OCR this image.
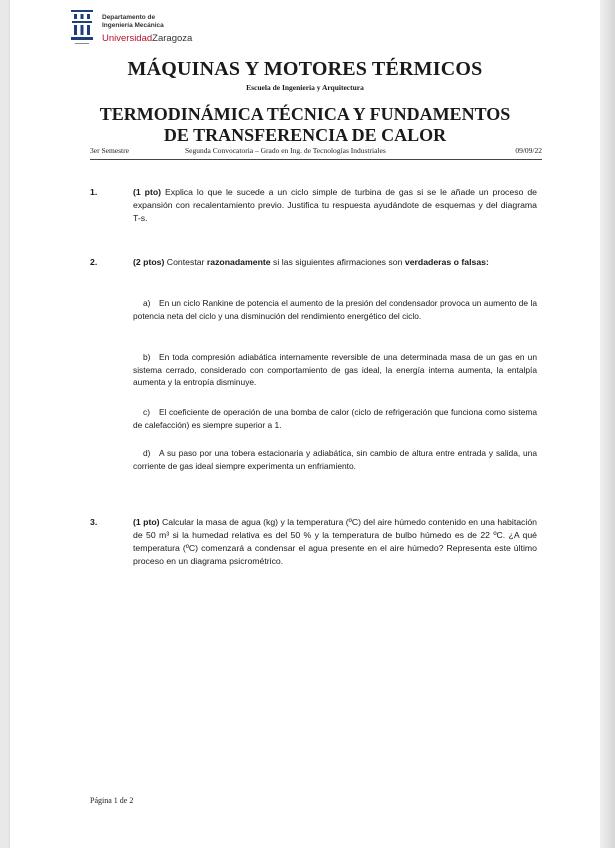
Departamento de
Ingeniería Mecánica
UniversidadZaragoza
MÁQUINAS Y MOTORES TÉRMICOS
Escuela de Ingeniería y Arquitectura
TERMODINÁMICA TÉCNICA Y FUNDAMENTOS
DE TRANSFERENCIA DE CALOR
3er Semestre	Segunda Convocatoria – Grado en Ing. de Tecnologías Industriales	09/09/22
1.	(1 pto) Explica lo que le sucede a un ciclo simple de turbina de gas si se le añade un proceso de expansión con recalentamiento previo. Justifica tu respuesta ayudándote de esquemas y del diagrama T-s.
2.	(2 ptos) Contestar razonadamente si las siguientes afirmaciones son verdaderas o falsas:
a) En un ciclo Rankine de potencia el aumento de la presión del condensador provoca un aumento de la potencia neta del ciclo y una disminución del rendimiento energético del ciclo.
b) En toda compresión adiabática internamente reversible de una determinada masa de un gas en un sistema cerrado, considerado con comportamiento de gas ideal, la energía interna aumenta, la entalpía aumenta y la entropía disminuye.
c) El coeficiente de operación de una bomba de calor (ciclo de refrigeración que funciona como sistema de calefacción) es siempre superior a 1.
d) A su paso por una tobera estacionaria y adiabática, sin cambio de altura entre entrada y salida, una corriente de gas ideal siempre experimenta un enfriamiento.
3.	(1 pto) Calcular la masa de agua (kg) y la temperatura (ºC) del aire húmedo contenido en una habitación de 50 m³ si la humedad relativa es del 50 % y la temperatura de bulbo húmedo es de 22 ºC. ¿A qué temperatura (ºC) comenzará a condensar el agua presente en el aire húmedo? Representa este último proceso en un diagrama psicrométrico.
Página 1 de 2
